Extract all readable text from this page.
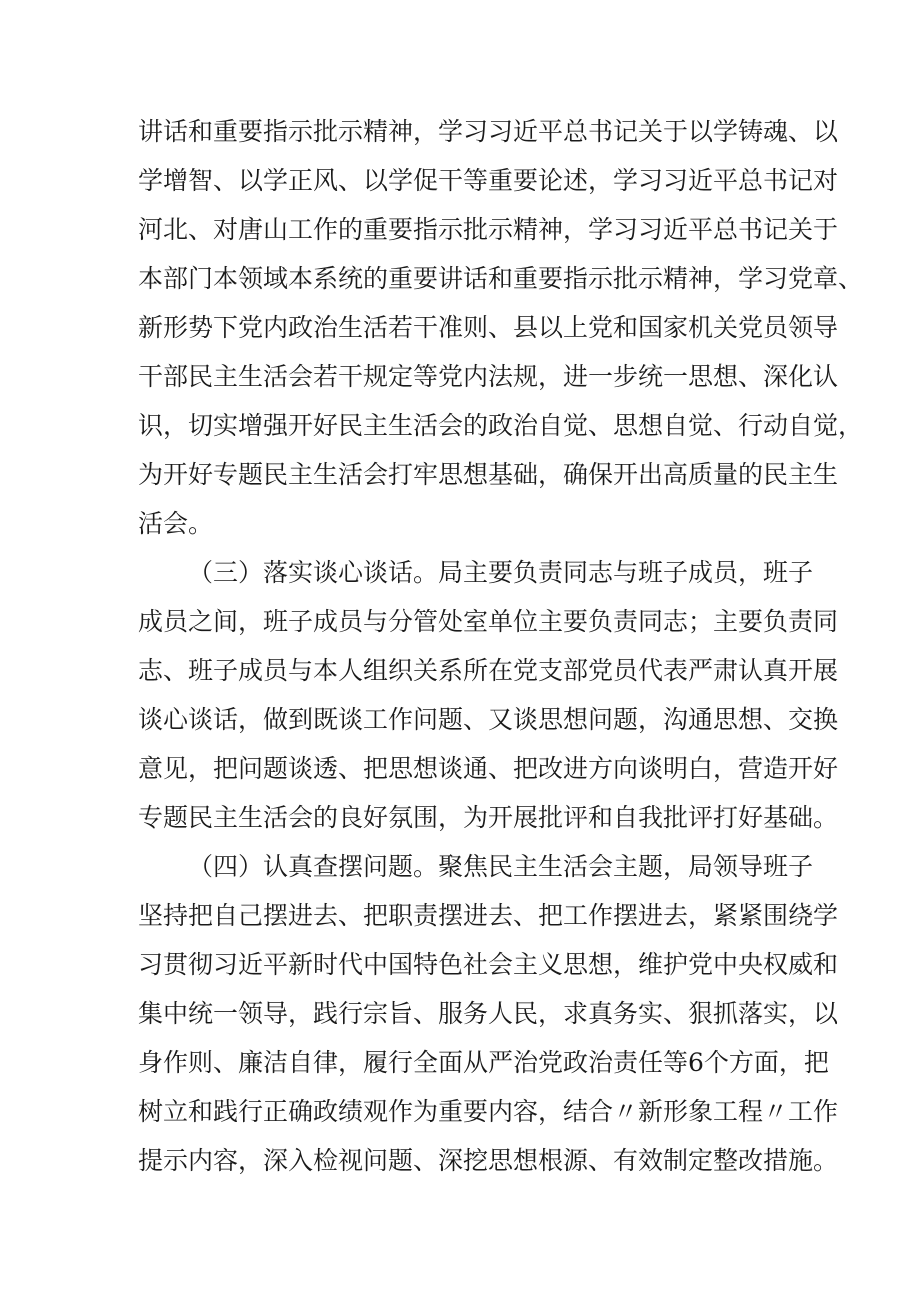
讲话和重要指示批示精神，学习习近平总书记关于以学铸魂、以
学增智、以学正风、以学促干等重要论述，学习习近平总书记对
河北、对唐山工作的重要指示批示精神，学习习近平总书记关于
本部门本领域本系统的重要讲话和重要指示批示精神，学习党章、
新形势下党内政治生活若干准则、县以上党和国家机关党员领导
干部民主生活会若干规定等党内法规，进一步统一思想、深化认
识，切实增强开好民主生活会的政治自觉、思想自觉、行动自觉，
为开好专题民主生活会打牢思想基础，确保开出高质量的民主生
活会。
（三）落实谈心谈话。局主要负责同志与班子成员，班子
成员之间，班子成员与分管处室单位主要负责同志；主要负责同
志、班子成员与本人组织关系所在党支部党员代表严肃认真开展
谈心谈话，做到既谈工作问题、又谈思想问题，沟通思想、交换
意见，把问题谈透、把思想谈通、把改进方向谈明白，营造开好
专题民主生活会的良好氛围，为开展批评和自我批评打好基础。
（四）认真查摆问题。聚焦民主生活会主题，局领导班子
坚持把自己摆进去、把职责摆进去、把工作摆进去，紧紧围绕学
习贯彻习近平新时代中国特色社会主义思想，维护党中央权威和
集中统一领导，践行宗旨、服务人民，求真务实、狠抓落实，以
身作则、廉洁自律，履行全面从严治党政治责任等6个方面，把
树立和践行正确政绩观作为重要内容，结合〃新形象工程〃工作
提示内容，深入检视问题、深挖思想根源、有效制定整改措施。
